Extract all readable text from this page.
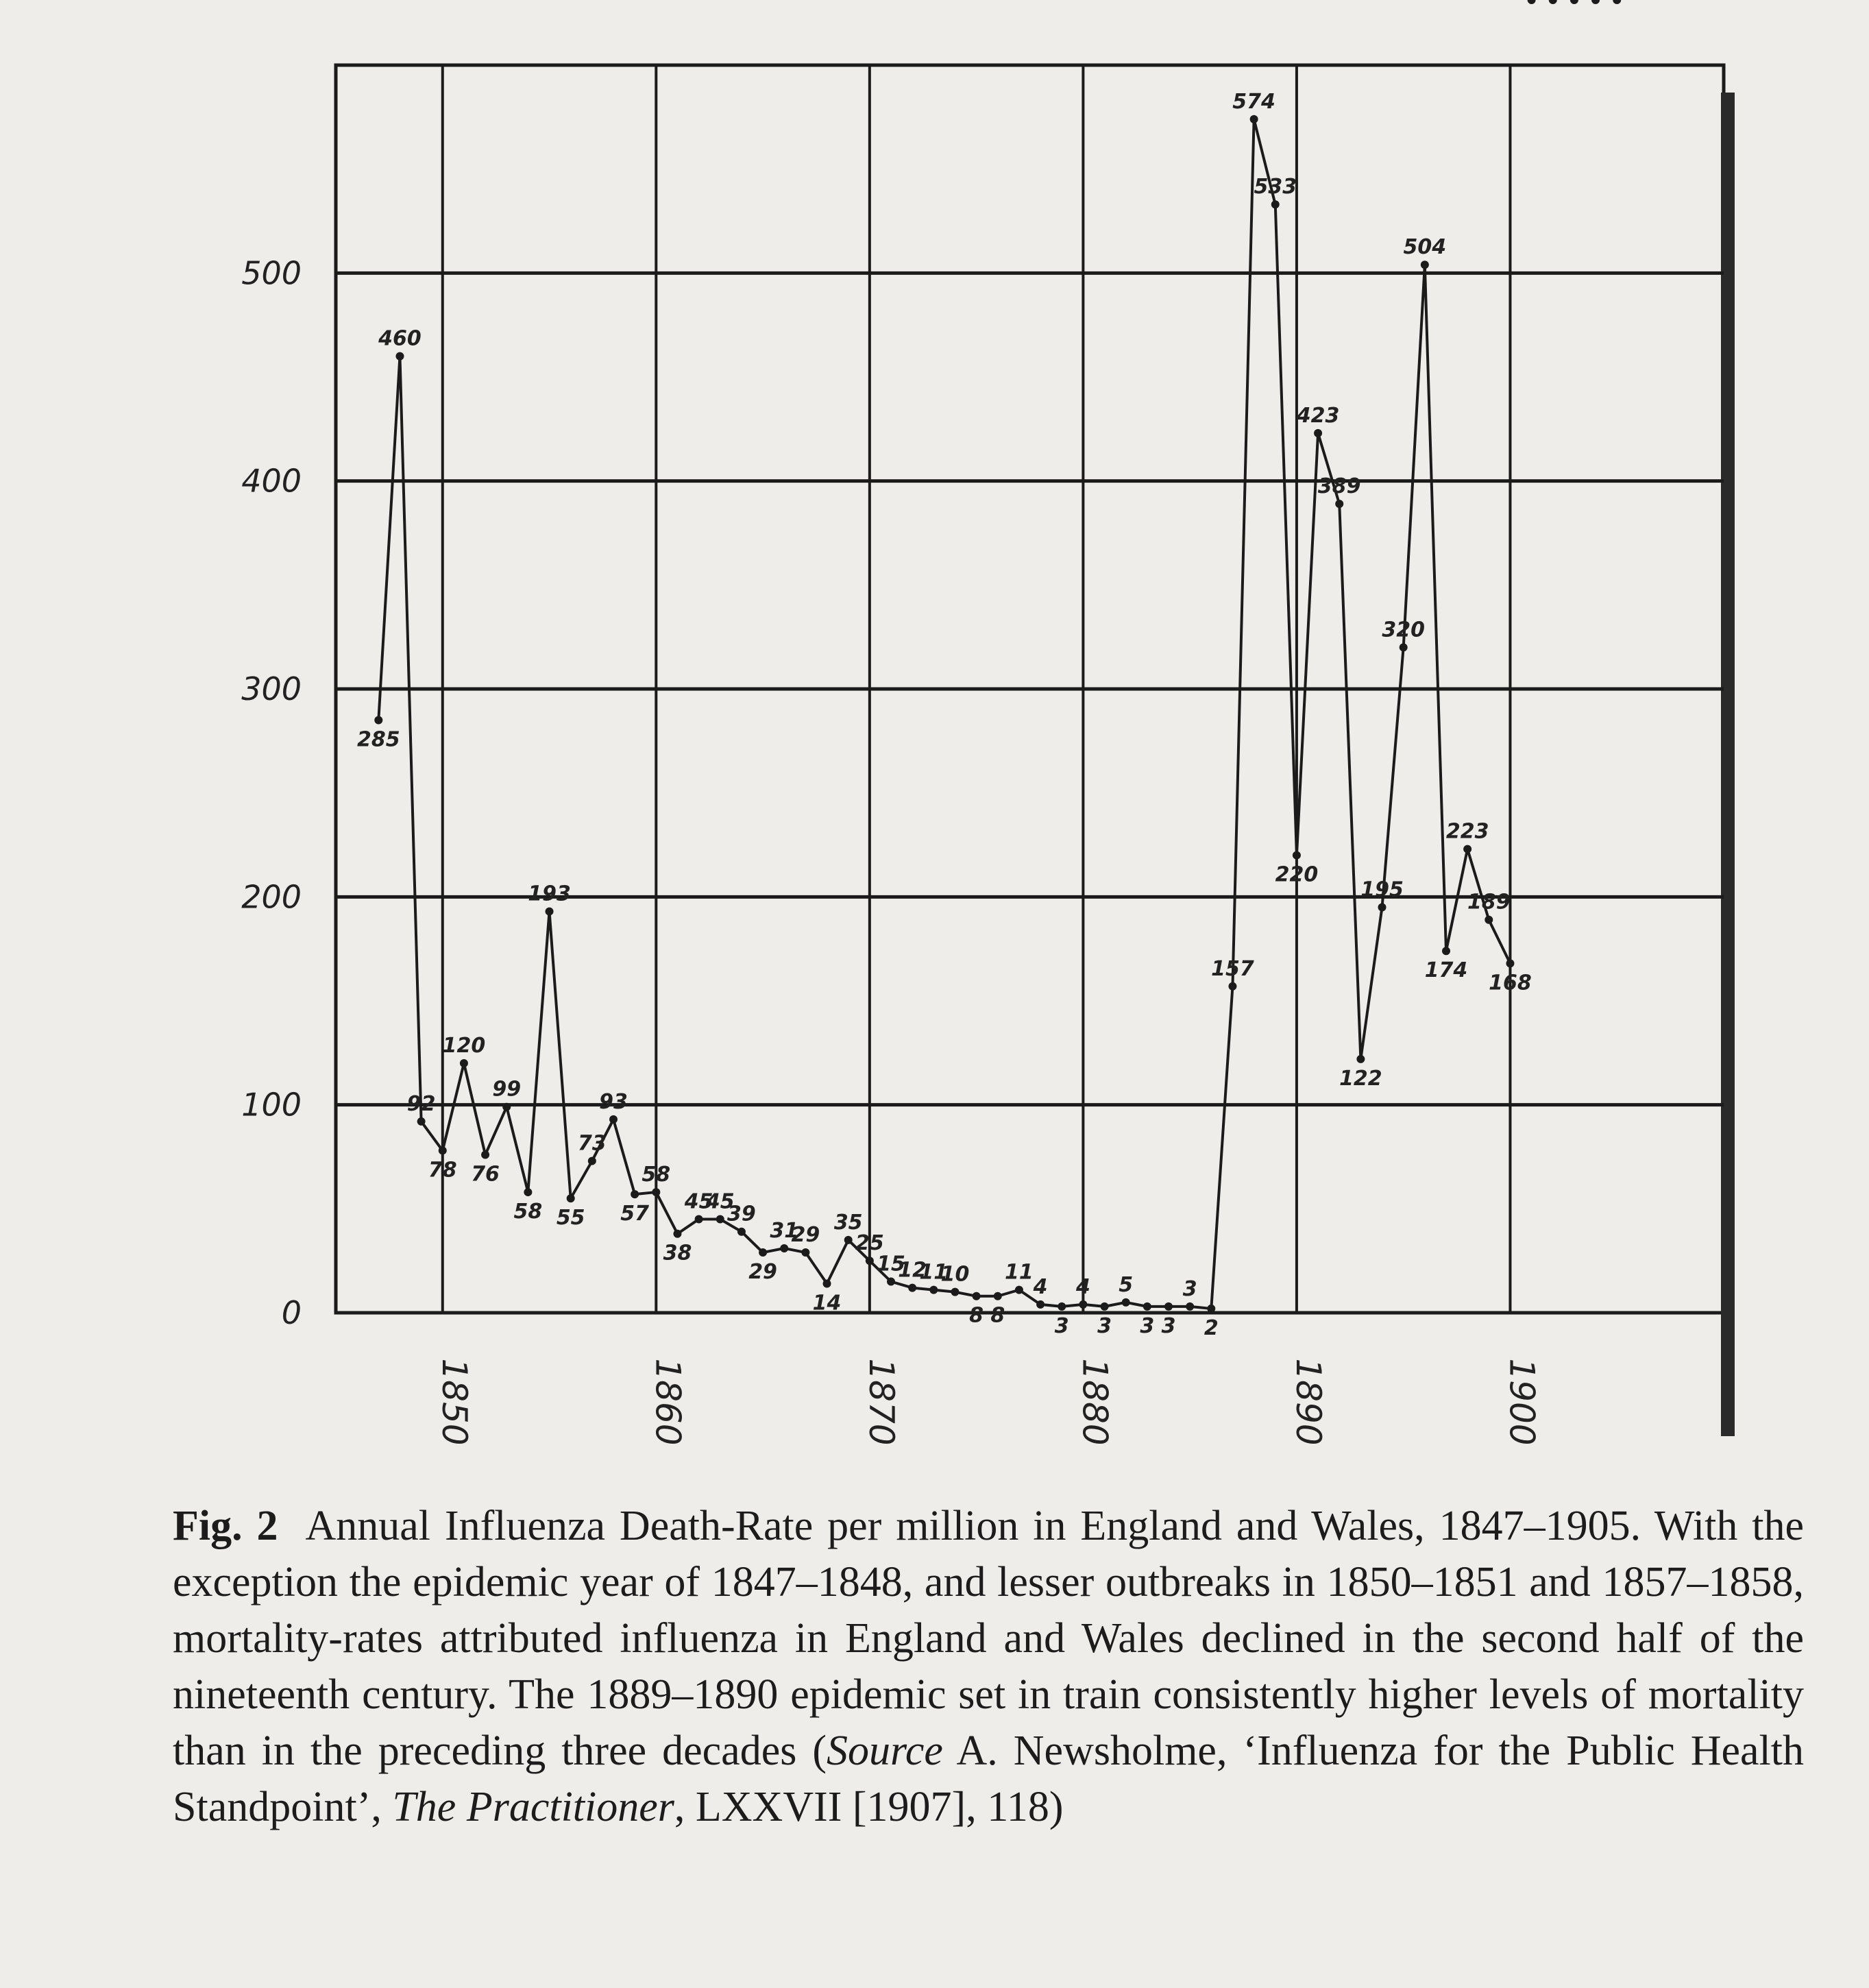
0
100
200
300
400
500
1850	1860	1870	1880	1890	1900
285
460
92
78
120
76
99
58
193
55
73
93
57
58
38
45
45
39
29
31
29
14
35
25
15
12
11
10
8 8
11
4
3
4
3
5
3 3
3
2
157
574
533
220
423
389
122
195
320
504
174
223
189
168
Fig. 2 Annual Influenza Death-Rate per million in England and Wales, 1847–1905. With the exception the epidemic year of 1847–1848, and lesser outbreaks in 1850–1851 and 1857–1858, mortality-rates attributed influenza in England and Wales declined in the second half of the nineteenth century. The 1889–1890 epidemic set in train consistently higher levels of mortality than in the preceding three decades (Source A. Newsholme, ‘Influenza for the Public Health Standpoint’, The Practitioner, LXXVII [1907], 118)
